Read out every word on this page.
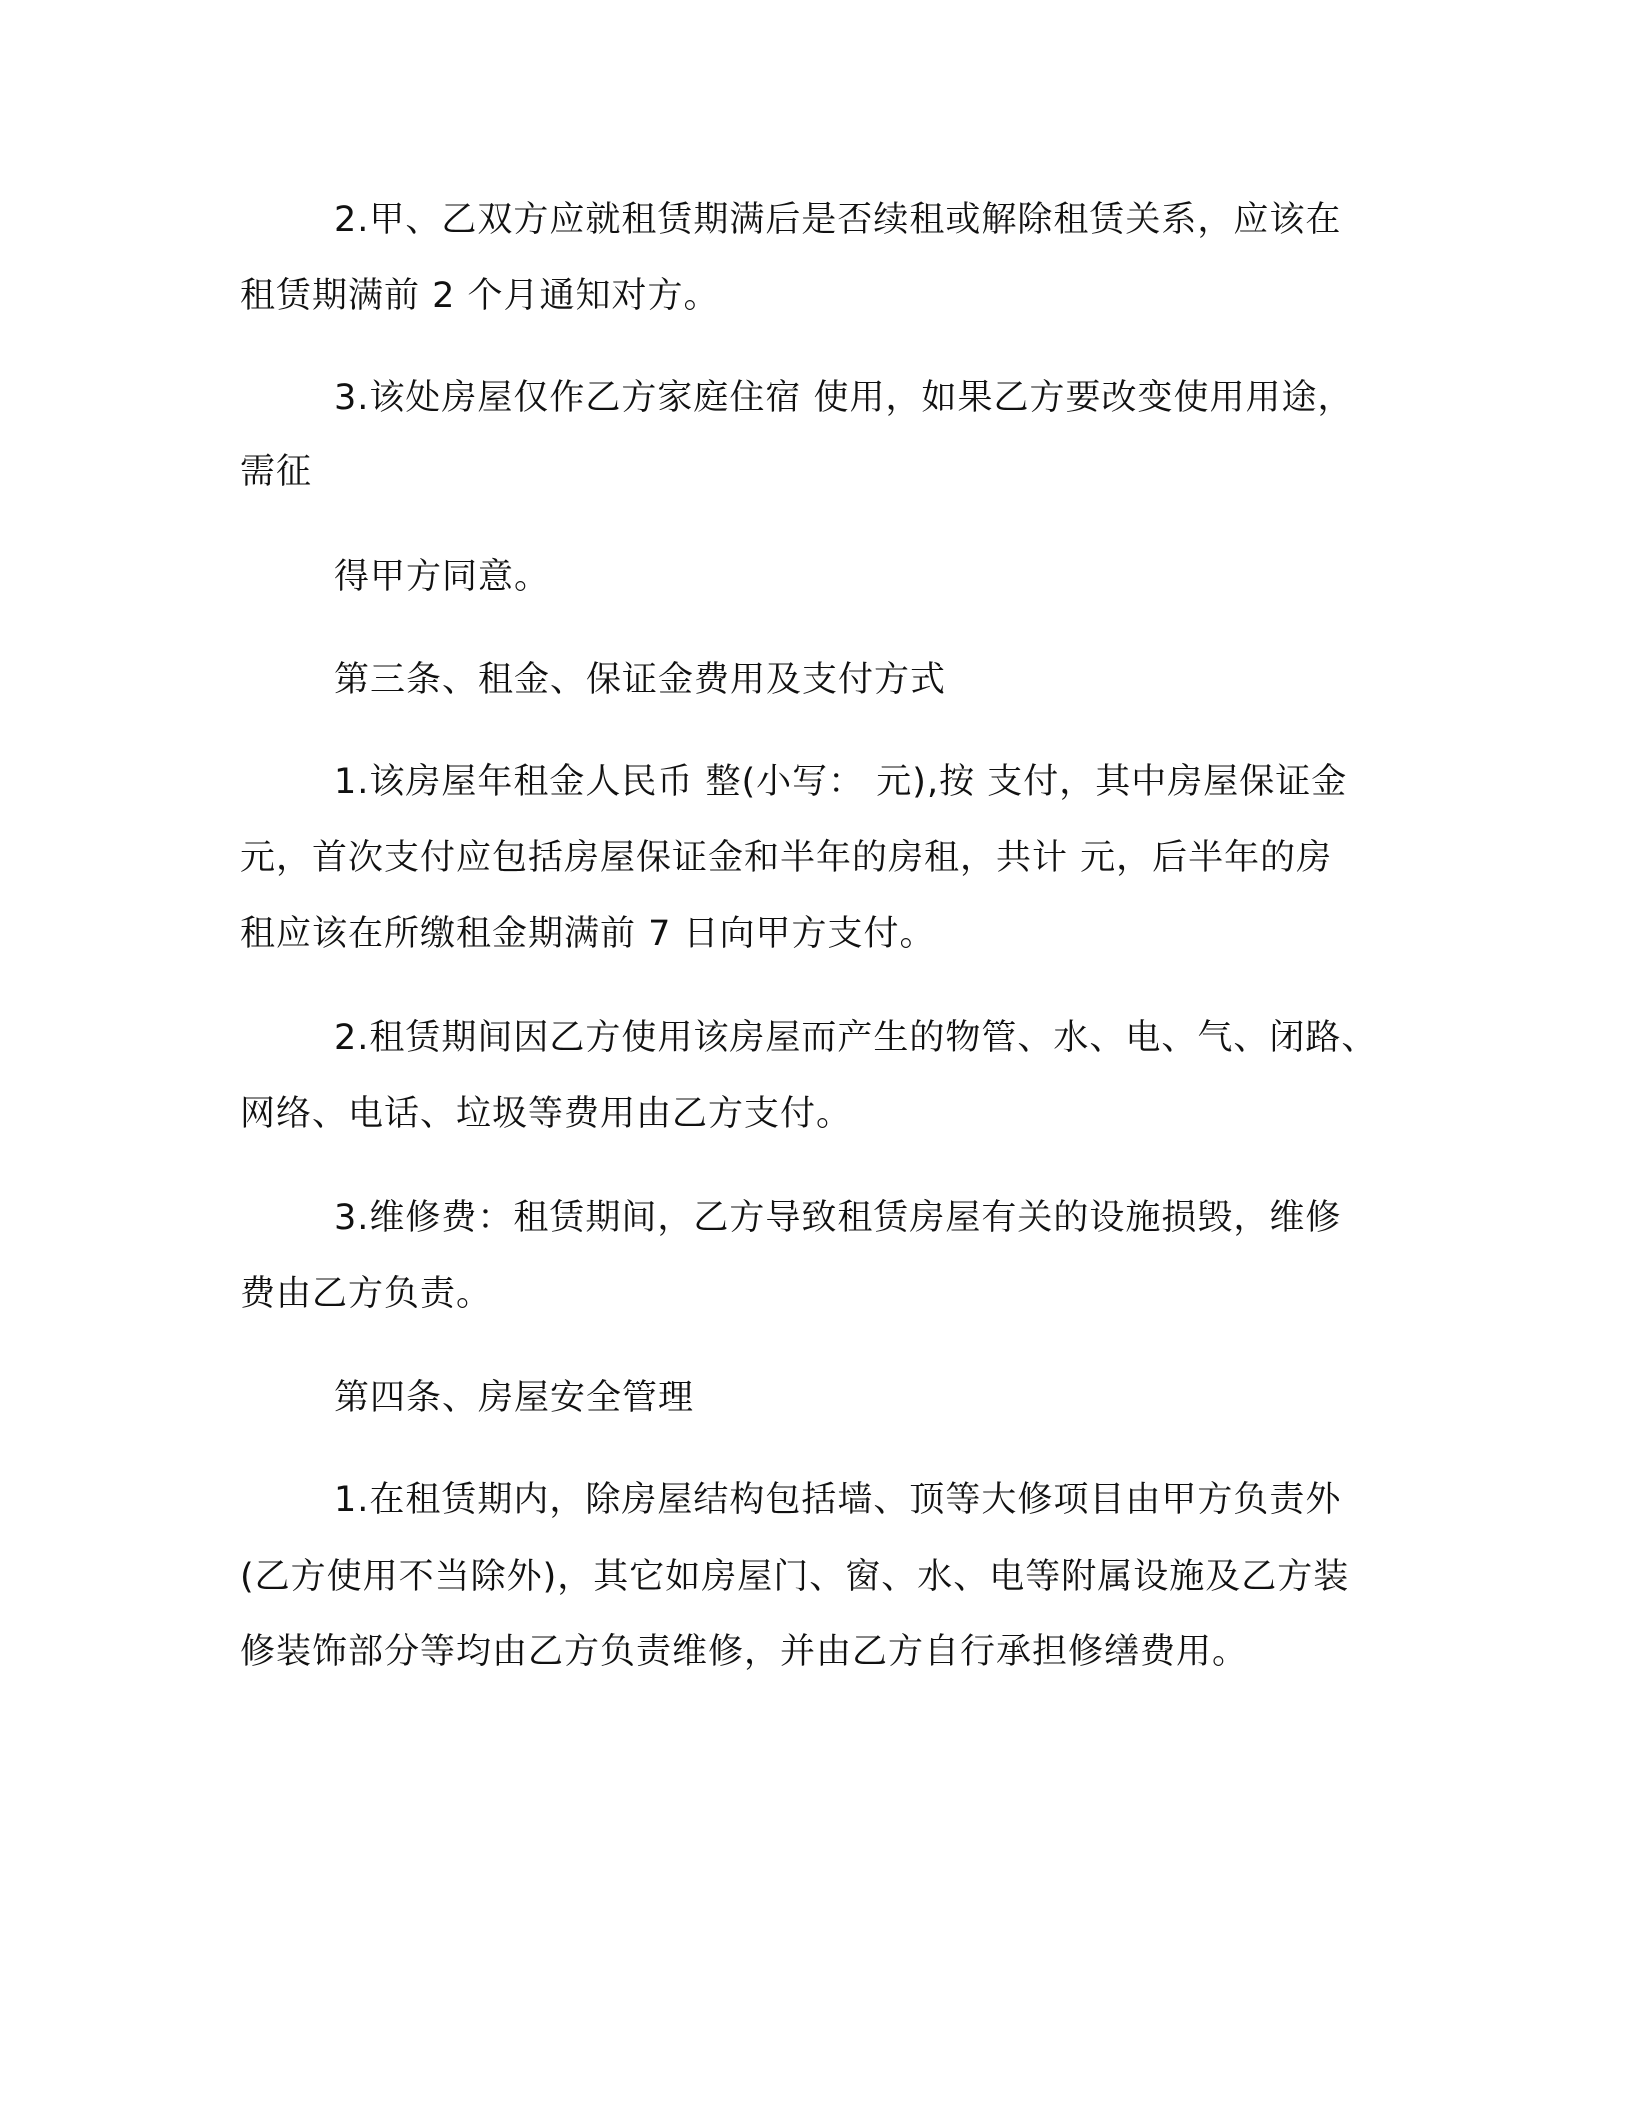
2.甲、乙双方应就租赁期满后是否续租或解除租赁关系，应该在
租赁期满前 2 个月通知对方。
3.该处房屋仅作乙方家庭住宿 使用，如果乙方要改变使用用途，
需征
得甲方同意。
第三条、租金、保证金费用及支付方式
1.该房屋年租金人民币 整(小写： 元),按 支付，其中房屋保证金
元，首次支付应包括房屋保证金和半年的房租，共计 元，后半年的房
租应该在所缴租金期满前 7 日向甲方支付。
2.租赁期间因乙方使用该房屋而产生的物管、水、电、气、闭路、
网络、电话、垃圾等费用由乙方支付。
3.维修费：租赁期间，乙方导致租赁房屋有关的设施损毁，维修
费由乙方负责。
第四条、房屋安全管理
1.在租赁期内，除房屋结构包括墙、顶等大修项目由甲方负责外
(乙方使用不当除外)，其它如房屋门、窗、水、电等附属设施及乙方装
修装饰部分等均由乙方负责维修，并由乙方自行承担修缮费用。
